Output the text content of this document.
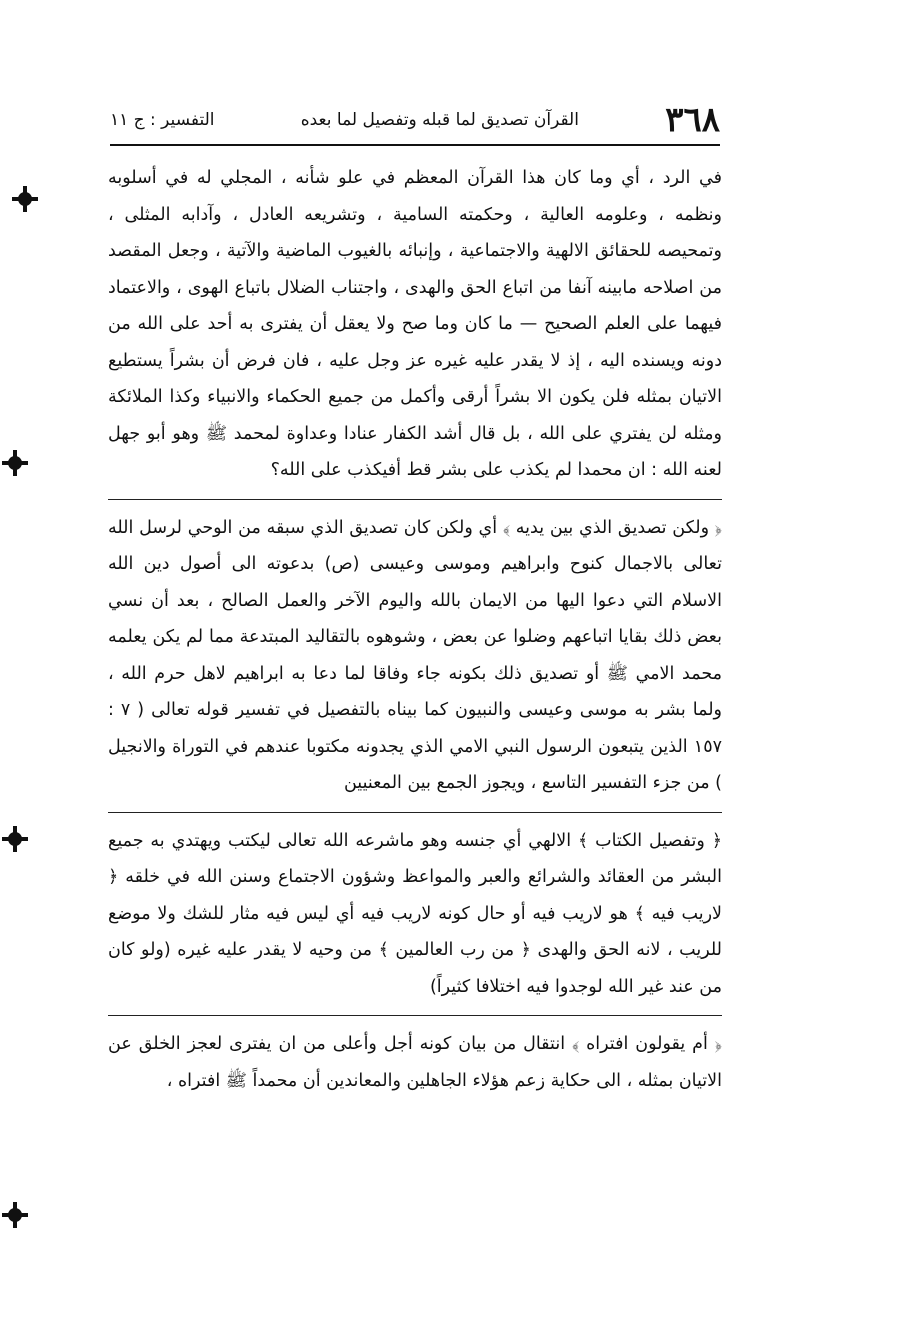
٣٦٨
القرآن تصديق لما قبله وتفصيل لما بعده
التفسير : ج ١١

في الرد ، أي وما كان هذا القرآن المعظم في علو شأنه ، المجلي له في أسلوبه ونظمه ، وعلومه العالية ، وحكمته السامية ، وتشريعه العادل ، وآدابه المثلى ، وتمحيصه للحقائق الالهية والاجتماعية ، وإنبائه بالغيوب الماضية والآتية ، وجعل المقصد من اصلاحه مابينه آنفا من اتباع الحق والهدى ، واجتناب الضلال باتباع الهوى ، والاعتماد فيهما على العلم الصحيح — ما كان وما صح ولا يعقل أن يفترى به أحد على الله من دونه ويسنده اليه ، إذ لا يقدر عليه غيره عز وجل عليه ، فان فرض أن بشراً يستطيع الاتيان بمثله فلن يكون الا بشراً أرقى وأكمل من جميع الحكماء والانبياء وكذا الملائكة ومثله لن يفتري على الله ، بل قال أشد الكفار عنادا وعداوة لمحمد ﷺ وهو أبو جهل لعنه الله : ان محمدا لم يكذب على بشر قط أفيكذب على الله؟

﴿ ولكن تصديق الذي بين يديه ﴾ أي ولكن كان تصديق الذي سبقه من الوحي لرسل الله تعالى بالاجمال كنوح وابراهيم وموسى وعيسى (ص) بدعوته الى أصول دين الله الاسلام التي دعوا اليها من الايمان بالله واليوم الآخر والعمل الصالح ، بعد أن نسي بعض ذلك بقايا اتباعهم وضلوا عن بعض ، وشوهوه بالتقاليد المبتدعة مما لم يكن يعلمه محمد الامي ﷺ أو تصديق ذلك بكونه جاء وفاقا لما دعا به ابراهيم لاهل حرم الله ، ولما بشر به موسى وعيسى والنبيون كما بيناه بالتفصيل في تفسير قوله تعالى ( ٧ : ١٥٧ الذين يتبعون الرسول النبي الامي الذي يجدونه مكتوبا عندهم في التوراة والانجيل ) من جزء التفسير التاسع ، ويجوز الجمع بين المعنيين

﴿ وتفصيل الكتاب ﴾ الالهي أي جنسه وهو ماشرعه الله تعالى ليكتب ويهتدي به جميع البشر من العقائد والشرائع والعبر والمواعظ وشؤون الاجتماع وسنن الله في خلقه ﴿ لاريب فيه ﴾ هو لاريب فيه أو حال كونه لاريب فيه أي ليس فيه مثار للشك ولا موضع للريب ، لانه الحق والهدى ﴿ من رب العالمين ﴾ من وحيه لا يقدر عليه غيره (ولو كان من عند غير الله لوجدوا فيه اختلافا كثيراً)

﴿ أم يقولون افتراه ﴾ انتقال من بيان كونه أجل وأعلى من ان يفترى لعجز الخلق عن الاتيان بمثله ، الى حكاية زعم هؤلاء الجاهلين والمعاندين أن محمداً ﷺ افتراه ،
